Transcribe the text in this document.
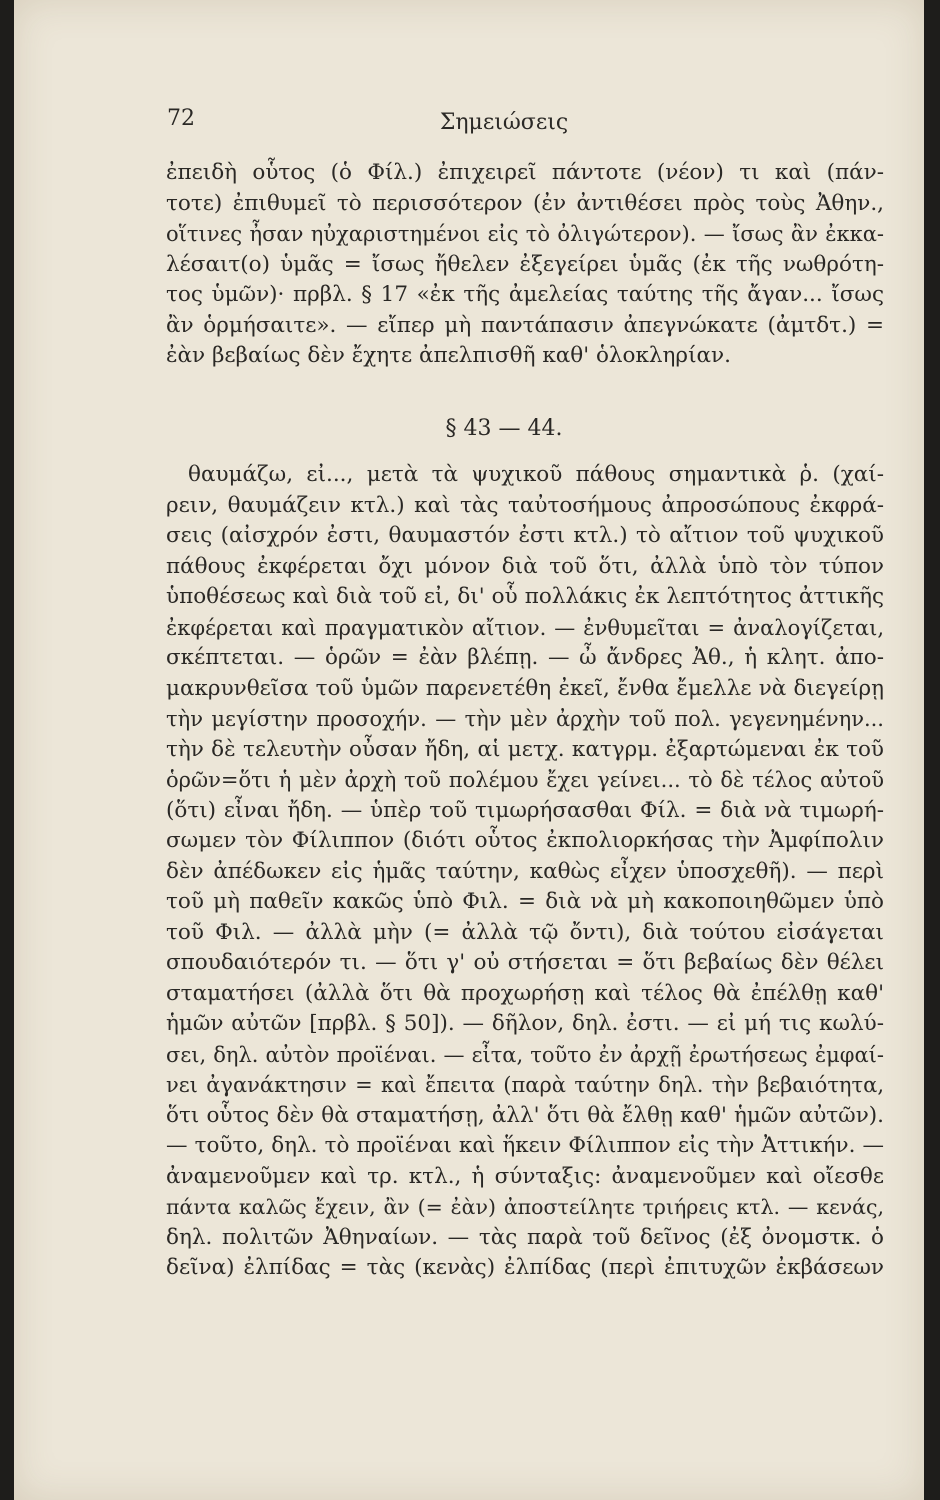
72	Σημειώσεις
ἐπειδὴ οὗτος (ὁ Φίλ.) ἐπιχειρεῖ πάντοτε (νέον) τι καὶ (πάν-
τοτε) ἐπιθυμεῖ τὸ περισσότερον (ἐν ἀντιθέσει πρὸς τοὺς Ἀθην.,
οἵτινες ἦσαν ηὐχαριστημένοι εἰς τὸ ὀλιγώτερον). — ἴσως ἂν ἐκκα-
λέσαιτ(ο) ὑμᾶς = ἴσως ἤθελεν ἐξεγείρει ὑμᾶς (ἐκ τῆς νωθρότη-
τος ὑμῶν)· πρβλ. § 17 «ἐκ τῆς ἀμελείας ταύτης τῆς ἄγαν... ἴσως
ἂν ὁρμήσαιτε». — εἴπερ μὴ παντάπασιν ἀπεγνώκατε (ἀμτδτ.) =
ἐὰν βεβαίως δὲν ἔχητε ἀπελπισθῆ καθ' ὁλοκληρίαν.
§ 43 — 44.
θαυμάζω, εἰ..., μετὰ τὰ ψυχικοῦ πάθους σημαντικὰ ῥ. (χαί-
ρειν, θαυμάζειν κτλ.) καὶ τὰς ταὐτοσήμους ἀπροσώπους ἐκφρά-
σεις (αἰσχρόν ἐστι, θαυμαστόν ἐστι κτλ.) τὸ αἴτιον τοῦ ψυχικοῦ
πάθους ἐκφέρεται ὄχι μόνον διὰ τοῦ ὅτι, ἀλλὰ ὑπὸ τὸν τύπον
ὑποθέσεως καὶ διὰ τοῦ εἰ, δι' οὗ πολλάκις ἐκ λεπτότητος ἀττικῆς
ἐκφέρεται καὶ πραγματικὸν αἴτιον. — ἐνθυμεῖται = ἀναλογίζεται,
σκέπτεται. — ὁρῶν = ἐὰν βλέπῃ. — ὦ ἄνδρες Ἀθ., ἡ κλητ. ἀπο-
μακρυνθεῖσα τοῦ ὑμῶν παρενετέθη ἐκεῖ, ἔνθα ἔμελλε νὰ διεγείρῃ
τὴν μεγίστην προσοχήν. — τὴν μὲν ἀρχὴν τοῦ πολ. γεγενημένην...
τὴν δὲ τελευτὴν οὖσαν ἤδη, αἱ μετχ. κατγρμ. ἐξαρτώμεναι ἐκ τοῦ
ὁρῶν=ὅτι ἡ μὲν ἀρχὴ τοῦ πολέμου ἔχει γείνει... τὸ δὲ τέλος αὐτοῦ
(ὅτι) εἶναι ἤδη. — ὑπὲρ τοῦ τιμωρήσασθαι Φίλ. = διὰ νὰ τιμωρή-
σωμεν τὸν Φίλιππον (διότι οὗτος ἐκπολιορκήσας τὴν Ἀμφίπολιν
δὲν ἀπέδωκεν εἰς ἡμᾶς ταύτην, καθὼς εἶχεν ὑποσχεθῆ). — περὶ
τοῦ μὴ παθεῖν κακῶς ὑπὸ Φιλ. = διὰ νὰ μὴ κακοποιηθῶμεν ὑπὸ
τοῦ Φιλ. — ἀλλὰ μὴν (= ἀλλὰ τῷ ὄντι), διὰ τούτου εἰσάγεται
σπουδαιότερόν τι. — ὅτι γ' οὐ στήσεται = ὅτι βεβαίως δὲν θέλει
σταματήσει (ἀλλὰ ὅτι θὰ προχωρήσῃ καὶ τέλος θὰ ἐπέλθῃ καθ'
ἡμῶν αὐτῶν [πρβλ. § 50]). — δῆλον, δηλ. ἐστι. — εἰ μή τις κωλύ-
σει, δηλ. αὐτὸν προϊέναι. — εἶτα, τοῦτο ἐν ἀρχῇ ἐρωτήσεως ἐμφαί-
νει ἀγανάκτησιν = καὶ ἔπειτα (παρὰ ταύτην δηλ. τὴν βεβαιότητα,
ὅτι οὗτος δὲν θὰ σταματήσῃ, ἀλλ' ὅτι θὰ ἔλθῃ καθ' ἡμῶν αὐτῶν).
— τοῦτο, δηλ. τὸ προϊέναι καὶ ἥκειν Φίλιππον εἰς τὴν Ἀττικήν. —
ἀναμενοῦμεν καὶ τρ. κτλ., ἡ σύνταξις: ἀναμενοῦμεν καὶ οἴεσθε
πάντα καλῶς ἔχειν, ἂν (= ἐὰν) ἀποστείλητε τριήρεις κτλ. — κενάς,
δηλ. πολιτῶν Ἀθηναίων. — τὰς παρὰ τοῦ δεῖνος (ἐξ ὀνομστκ. ὁ
δεῖνα) ἐλπίδας = τὰς (κενὰς) ἐλπίδας (περὶ ἐπιτυχῶν ἐκβάσεων
